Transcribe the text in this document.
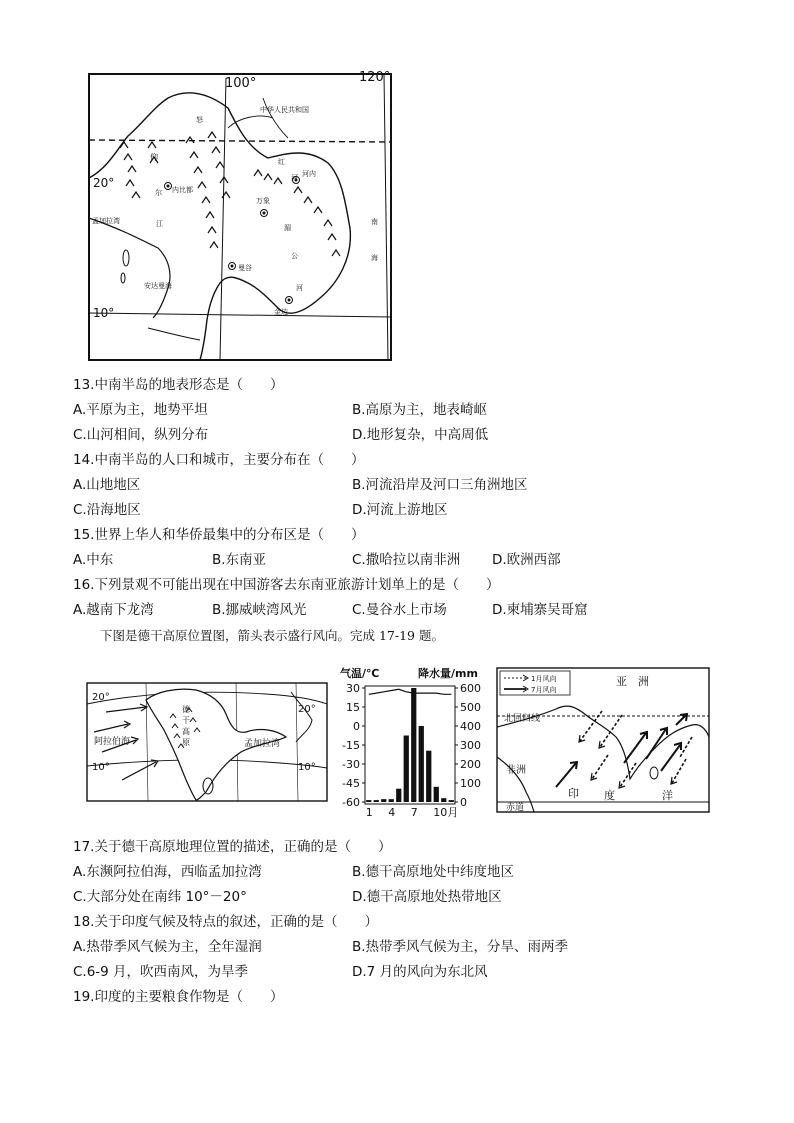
100°	120°
20°
10°
中华人民共和国
怒
仰
尔
江
内比都
孟加拉湾
安达曼海
曼谷
万象
河内
红
河
湄
公
河
金边
南
海
13.中南半岛的地表形态是（　　）
A.平原为主，地势平坦	B.高原为主，地表崎岖
C.山河相间，纵列分布	D.地形复杂，中高周低
14.中南半岛的人口和城市，主要分布在（　　）
A.山地地区	B.河流沿岸及河口三角洲地区
C.沿海地区	D.河流上游地区
15.世界上华人和华侨最集中的分布区是（　　）
A.中东	B.东南亚	C.撒哈拉以南非洲 D.欧洲西部
16.下列景观不可能出现在中国游客去东南亚旅游计划单上的是（　　）
A.越南下龙湾	B.挪威峡湾风光	C.曼谷水上市场	D.柬埔寨吴哥窟
下图是德干高原位置图，箭头表示盛行风向。完成 17-19 题。
20°
10°
20°
10°
阿拉伯海
德
干
高
原	孟加拉湾
气温/℃	降水量/mm
30
15
0
-15
-30
-45
-60
600
500
400
300
200
100
0
1 4 7 10月
1月风向
7月风向
亚　洲
北回归线
非洲
印 度	洋
赤道
17.关于德干高原地理位置的描述，正确的是（　　）
A.东濒阿拉伯海，西临孟加拉湾	B.德干高原地处中纬度地区
C.大部分处在南纬 10°－20°	D.德干高原地处热带地区
18.关于印度气候及特点的叙述，正确的是（　　）
A.热带季风气候为主，全年湿润	B.热带季风气候为主，分旱、雨两季
C.6-9 月，吹西南风，为旱季	D.7 月的风向为东北风
19.印度的主要粮食作物是（　　）
